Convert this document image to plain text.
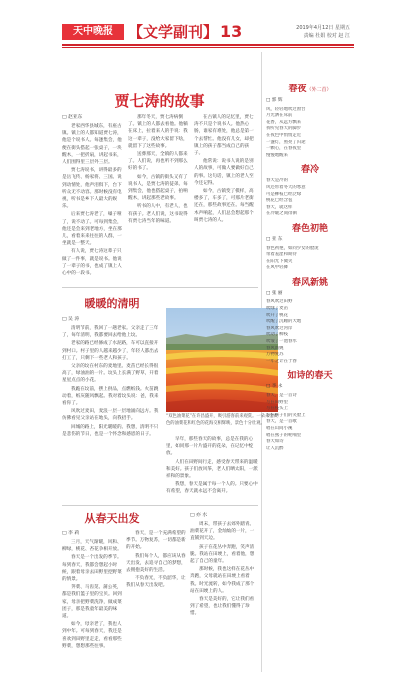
天中晚报	【文学副刊】 13	2019年4月12日 星期五
责编 杜娟 校对 赵 江
贾七涛的故事
□ 赵亚东
老家西华县城东，有座古镇。镇上的人都知道贾七涛，他是个说书人。每逢集会，他便在街头搭起一张桌子，一块醒木，一把折扇，讲起书来，人们围得里三层外三层。
贾七涛说书，讲得最多的是岳飞传、杨家将、三国。说到动情处，他声泪俱下，台下听众无不动容。那时候没有电视，听书是乡下人最大的娱乐。
后来贾七涛老了，嗓子哑了，说不动了。可每到集会，他还是会来到老地方，坐在那儿，看着来来往往的人群，一坐就是一整天。
有人说，贾七涛这辈子只做了一件事，就是说书。他说了一辈子的书，也成了镇上人心中的一段书。
那年冬天，贾七涛病倒了。镇上的人都去看他。他躺在床上，拉着来人的手说：我这一辈子，没给大家留下啥，就留下了这些故事。
送葬那天，全镇的人都来了。人们说，再也听不到那么好的书了。
如今，古镇的街头又有了说书人，是贾七涛的徒弟。每到集会，他也搭起桌子，拍响醒木，讲起那些老故事。
听书的人中，有老人，也有孩子。老人们说，这书说得有贾七涛当年的味道。
在古镇人的记忆里，贾七涛不只是个说书人。他热心肠，谁家有难处，他总是第一个去帮忙。他没有儿女，却把镇上的孩子都当成自己的孩子。
他常说：说书人说的是别人的故事，可做人要做好自己的事。这句话，镇上的老人至今还记得。
如今，古镇变了模样，高楼多了，车多了，可那片老街还在，那些故事还在。每当醒木声响起，人们总会想起那个叫贾七涛的人。
暖暖的清明
□ 吴 涛
清明节前，我回了一趟老家。父亲走了三年了，每年清明，我都要回去给他上坟。
老家的路已经修成了水泥路，车可以直接开到村口。村子里的人越来越少了，年轻人都出去打工了，只剩下一些老人和孩子。
父亲的坟在村东的麦地里。麦苗已经长得很高了，绿油油的一片。坟头上长满了野草，开着星星点点的小花。
我跪在坟前，摆上供品，点燃纸钱。火苗跳动着，纸灰随风飘起。我对着坟头说：爸，我来看你了。
风吹过麦田，麦浪一层一层地涌向远方。我仿佛看见父亲站在地头，向我招手。
回城的路上，阳光暖暖的。我想，清明不只是悲伤的节日，也是一个怀念和感恩的日子。
“双色油菜花”在许昌盛开，吸引游客前来观赏。一朵朵金黄色的油菜花和红色的花海交相辉映，景色十分壮观。
早年，那些春天的故事，总是在我的心里，如同那一片片盛开的花朵，在记忆中绽放。
人们在田野间行走，感受春天带来的温暖和美好。孩子们放风筝，老人们晒太阳，一派祥和的景象。
我想，春天是属于每一个人的。只要心中有希望，春天就永远不会离开。
从春天出发
□ 李 莉
三月，天气渐暖，风和、柳绿，桃花、杏花争相开放。
春天是一个出发的季节。每到春天，我都会想起小时候，跟着母亲去田野里挖野菜的情景。
荠菜、马齿苋、蒲公英，都是我们篮子里的宝贝。回到家，母亲把野菜洗净，做成菜团子，那是我童年最美的味道。
如今，母亲老了，我也人到中年。可每到春天，我还是喜欢到田野里走走，看看那些野菜，想想那些往事。
春天，是一个充满希望的季节。万物复苏，一切都是新的开始。
我们每个人，都应该从春天出发，去追寻自己的梦想，去拥抱美好的生活。
不负春光，不负韶华，让我们从春天出发吧。
□ 亦 水
周末，带孩子去郊外踏青。油菜花开了，金灿灿的一片，一直铺到天边。
孩子在花丛中奔跑，笑声清脆。我站在田埂上，看着他，想起了自己的童年。
那时候，我也这样在花丛中奔跑，父母就站在田埂上看着我。时光流转，如今我成了那个站在田埂上的人。
春天是美好的，它让我们看到了希望，也让我们懂得了珍惜。
春夜（外二首）
□ 郭 辉
风，轻轻地吹过窗台
月光洒在床前
花香，从远方飘来
我听见春天的脚步
在夜色中悄悄走近
一盏灯，照亮了归途
一颗心，在春夜里
慢慢地醒来
春冷
春天是冷的
风还带着冬天的寒意
可是柳枝已经泛绿
桃花已经含苞
春天，就这样
在冷暖之间徘徊
春色初艳
□ 亚 东
春色初艳，如同少女的脸庞
带着羞涩和期待
在阳光下微笑
在风中轻舞
春风新姚
□ 张 丽
春风吹过田野
吹绿了麦苗
吹开了桃花
吹醒了沉睡的大地
春风吹过河岸
吹动了柳枝
吹皱了一池春水
春风新姚
万物复苏
一年之计在于春
如诗的春天
□ 李 永
春天，是一首诗
写在田野里
写在枝头上
写在孩子们的笑脸上
春天，是一首歌
唱在山间小溪
唱在燕子的呢喃里
春天如诗
让人沉醉
